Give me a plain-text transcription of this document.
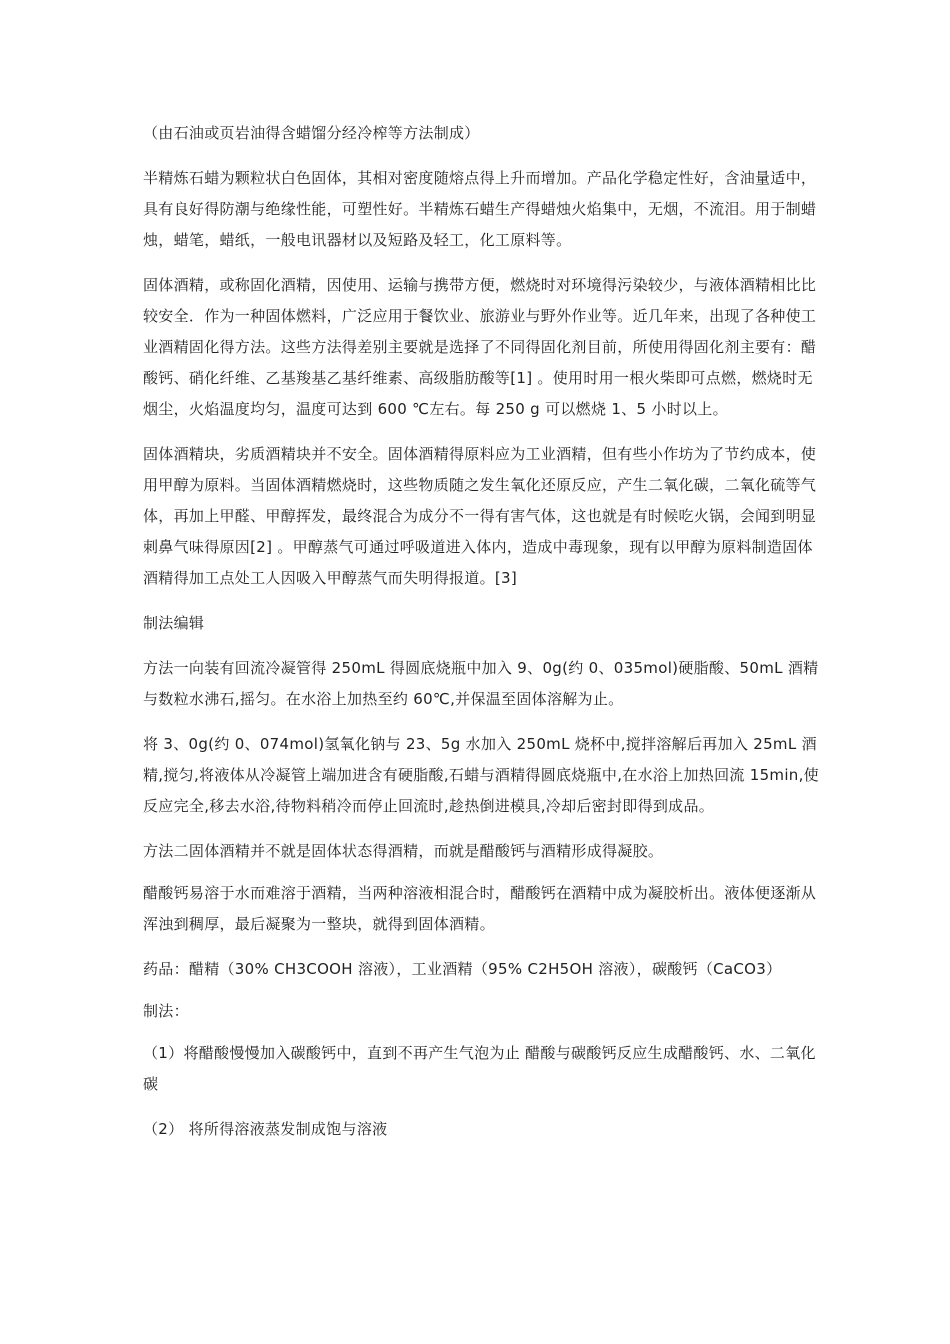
（由石油或页岩油得含蜡馏分经冷榨等方法制成）

半精炼石蜡为颗粒状白色固体，其相对密度随熔点得上升而增加。产品化学稳定性好，含油量适中，具有良好得防潮与绝缘性能，可塑性好。半精炼石蜡生产得蜡烛火焰集中，无烟，不流泪。用于制蜡烛，蜡笔，蜡纸，一般电讯器材以及短路及轻工，化工原料等。

固体酒精，或称固化酒精，因使用、运输与携带方便，燃烧时对环境得污染较少，与液体酒精相比比较安全．作为一种固体燃料，广泛应用于餐饮业、旅游业与野外作业等。近几年来，出现了各种使工业酒精固化得方法。这些方法得差别主要就是选择了不同得固化剂目前，所使用得固化剂主要有：醋酸钙、硝化纤维、乙基羧基乙基纤维素、高级脂肪酸等[1] 。使用时用一根火柴即可点燃，燃烧时无烟尘，火焰温度均匀，温度可达到 600 ℃左右。每 250 g 可以燃烧 1、5 小时以上。

固体酒精块，劣质酒精块并不安全。固体酒精得原料应为工业酒精，但有些小作坊为了节约成本，使用甲醇为原料。当固体酒精燃烧时，这些物质随之发生氧化还原反应，产生二氧化碳，二氧化硫等气体，再加上甲醛、甲醇挥发，最终混合为成分不一得有害气体，这也就是有时候吃火锅，会闻到明显刺鼻气味得原因[2] 。甲醇蒸气可通过呼吸道进入体内，造成中毒现象，现有以甲醇为原料制造固体酒精得加工点处工人因吸入甲醇蒸气而失明得报道。[3]

制法编辑

方法一向装有回流冷凝管得 250mL 得圆底烧瓶中加入 9、0g(约 0、035mol)硬脂酸、50mL 酒精与数粒水沸石,摇匀。在水浴上加热至约 60℃,并保温至固体溶解为止。

将 3、0g(约 0、074mol)氢氧化钠与 23、5g 水加入 250mL 烧杯中,搅拌溶解后再加入 25mL 酒精,搅匀,将液体从冷凝管上端加进含有硬脂酸,石蜡与酒精得圆底烧瓶中,在水浴上加热回流 15min,使反应完全,移去水浴,待物料稍冷而停止回流时,趁热倒进模具,冷却后密封即得到成品。

方法二固体酒精并不就是固体状态得酒精，而就是醋酸钙与酒精形成得凝胶。

醋酸钙易溶于水而难溶于酒精，当两种溶液相混合时，醋酸钙在酒精中成为凝胶析出。液体便逐渐从浑浊到稠厚，最后凝聚为一整块，就得到固体酒精。

药品：醋精（30% CH3COOH 溶液），工业酒精（95% C2H5OH 溶液），碳酸钙（CaCO3）

制法：

（1）将醋酸慢慢加入碳酸钙中，直到不再产生气泡为止 醋酸与碳酸钙反应生成醋酸钙、水、二氧化碳

（2） 将所得溶液蒸发制成饱与溶液
